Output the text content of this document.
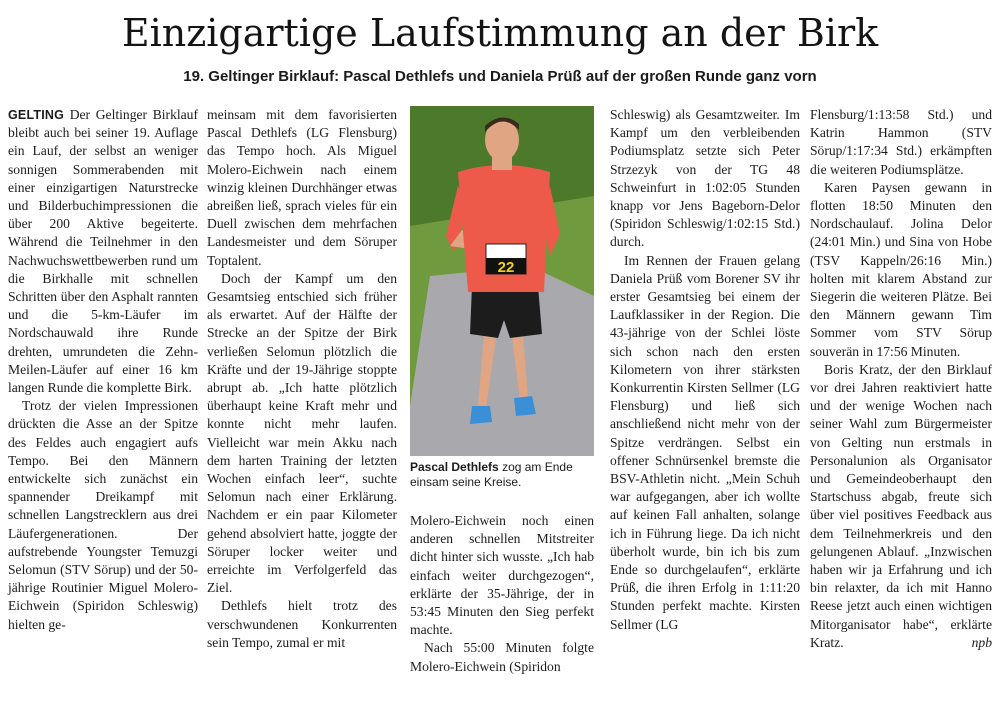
Einzigartige Laufstimmung an der Birk
19. Geltinger Birklauf: Pascal Dethlefs und Daniela Prüß auf der großen Runde ganz vorn

GELTING Der Geltinger Birklauf bleibt auch bei seiner 19. Auflage ein Lauf, der selbst an weniger sonnigen Sommerabenden mit einer einzigartigen Naturstrecke und Bilderbuchimpressionen die über 200 Aktive begeiterte. Während die Teilnehmer in den Nachwuchswettbewerben rund um die Birkhalle mit schnellen Schritten über den Asphalt rannten und die 5-km-Läufer im Nordschauwald ihre Runde drehten, umrundeten die Zehn-Meilen-Läufer auf einer 16 km langen Runde die komplette Birk.

Trotz der vielen Impressionen drückten die Asse an der Spitze des Feldes auch engagiert aufs Tempo. Bei den Männern entwickelte sich zunächst ein spannender Dreikampf mit schnellen Langstrecklern aus drei Läufergenerationen. Der aufstrebende Youngster Temuzgi Selomun (STV Sörup) und der 50-jährige Routinier Miguel Molero-Eichwein (Spiridon Schleswig) hielten ge-

meinsam mit dem favorisierten Pascal Dethlefs (LG Flensburg) das Tempo hoch. Als Miguel Molero-Eichwein nach einem winzig kleinen Durchhänger etwas abreißen ließ, sprach vieles für ein Duell zwischen dem mehrfachen Landesmeister und dem Söruper Toptalent.

Doch der Kampf um den Gesamtsieg entschied sich früher als erwartet. Auf der Hälfte der Strecke an der Spitze der Birk verließen Selomun plötzlich die Kräfte und der 19-Jährige stoppte abrupt ab. „Ich hatte plötzlich überhaupt keine Kraft mehr und konnte nicht mehr laufen. Vielleicht war mein Akku nach dem harten Training der letzten Wochen einfach leer“, suchte Selomun nach einer Erklärung. Nachdem er ein paar Kilometer gehend absolviert hatte, joggte der Söruper locker weiter und erreichte im Verfolgerfeld das Ziel.

Dethlefs hielt trotz des verschwundenen Konkurrenten sein Tempo, zumal er mit

22

Pascal Dethlefs zog am Ende einsam seine Kreise.

Molero-Eichwein noch einen anderen schnellen Mitstreiter dicht hinter sich wusste. „Ich hab einfach weiter durchgezogen“, erklärte der 35-Jährige, der in 53:45 Minuten den Sieg perfekt machte.

Nach 55:00 Minuten folgte Molero-Eichwein (Spiridon

Schleswig) als Gesamtzweiter. Im Kampf um den verbleibenden Podiumsplatz setzte sich Peter Strzezyk von der TG 48 Schweinfurt in 1:02:05 Stunden knapp vor Jens Bageborn-Delor (Spiridon Schleswig/1:02:15 Std.) durch.

Im Rennen der Frauen gelang Daniela Prüß vom Borener SV ihr erster Gesamtsieg bei einem der Laufklassiker in der Region. Die 43-jährige von der Schlei löste sich schon nach den ersten Kilometern von ihrer stärksten Konkurrentin Kirsten Sellmer (LG Flensburg) und ließ sich anschließend nicht mehr von der Spitze verdrängen. Selbst ein offener Schnürsenkel bremste die BSV-Athletin nicht. „Mein Schuh war aufgegangen, aber ich wollte auf keinen Fall anhalten, solange ich in Führung liege. Da ich nicht überholt wurde, bin ich bis zum Ende so durchgelaufen“, erklärte Prüß, die ihren Erfolg in 1:11:20 Stunden perfekt machte. Kirsten Sellmer (LG

Flensburg/1:13:58 Std.) und Katrin Hammon (STV Sörup/1:17:34 Std.) erkämpften die weiteren Podiumsplätze.

Karen Paysen gewann in flotten 18:50 Minuten den Nordschaulauf. Jolina Delor (24:01 Min.) und Sina von Hobe (TSV Kappeln/26:16 Min.) holten mit klarem Abstand zur Siegerin die weiteren Plätze. Bei den Männern gewann Tim Sommer vom STV Sörup souverän in 17:56 Minuten.

Boris Kratz, der den Birklauf vor drei Jahren reaktiviert hatte und der wenige Wochen nach seiner Wahl zum Bürgermeister von Gelting nun erstmals in Personalunion als Organisator und Gemeindeoberhaupt den Startschuss abgab, freute sich über viel positives Feedback aus dem Teilnehmerkreis und den gelungenen Ablauf. „Inzwischen haben wir ja Erfahrung und ich bin relaxter, da ich mit Hanno Reese jetzt auch einen wichtigen Mitorganisator habe“, erklärte Kratz.	npb
